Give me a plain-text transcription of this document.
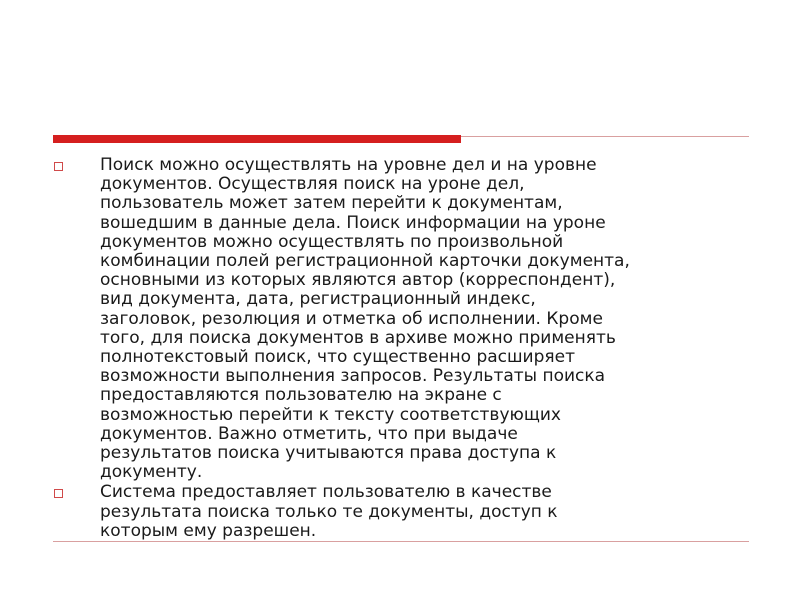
Поиск можно осуществлять на уровне дел и на уровне
документов. Осуществляя поиск на уроне дел,
пользователь может затем перейти к документам,
вошедшим в данные дела. Поиск информации на уроне
документов можно осуществлять по произвольной
комбинации полей регистрационной карточки документа,
основными из которых являются автор (корреспондент),
вид документа, дата, регистрационный индекс,
заголовок, резолюция и отметка об исполнении. Кроме
того, для поиска документов в архиве можно применять
полнотекстовый поиск, что существенно расширяет
возможности выполнения запросов. Результаты поиска
предоставляются пользователю на экране с
возможностью перейти к тексту соответствующих
документов. Важно отметить, что при выдаче
результатов поиска учитываются права доступа к
документу.
Система предоставляет пользователю в качестве
результата поиска только те документы, доступ к
которым ему разрешен.
